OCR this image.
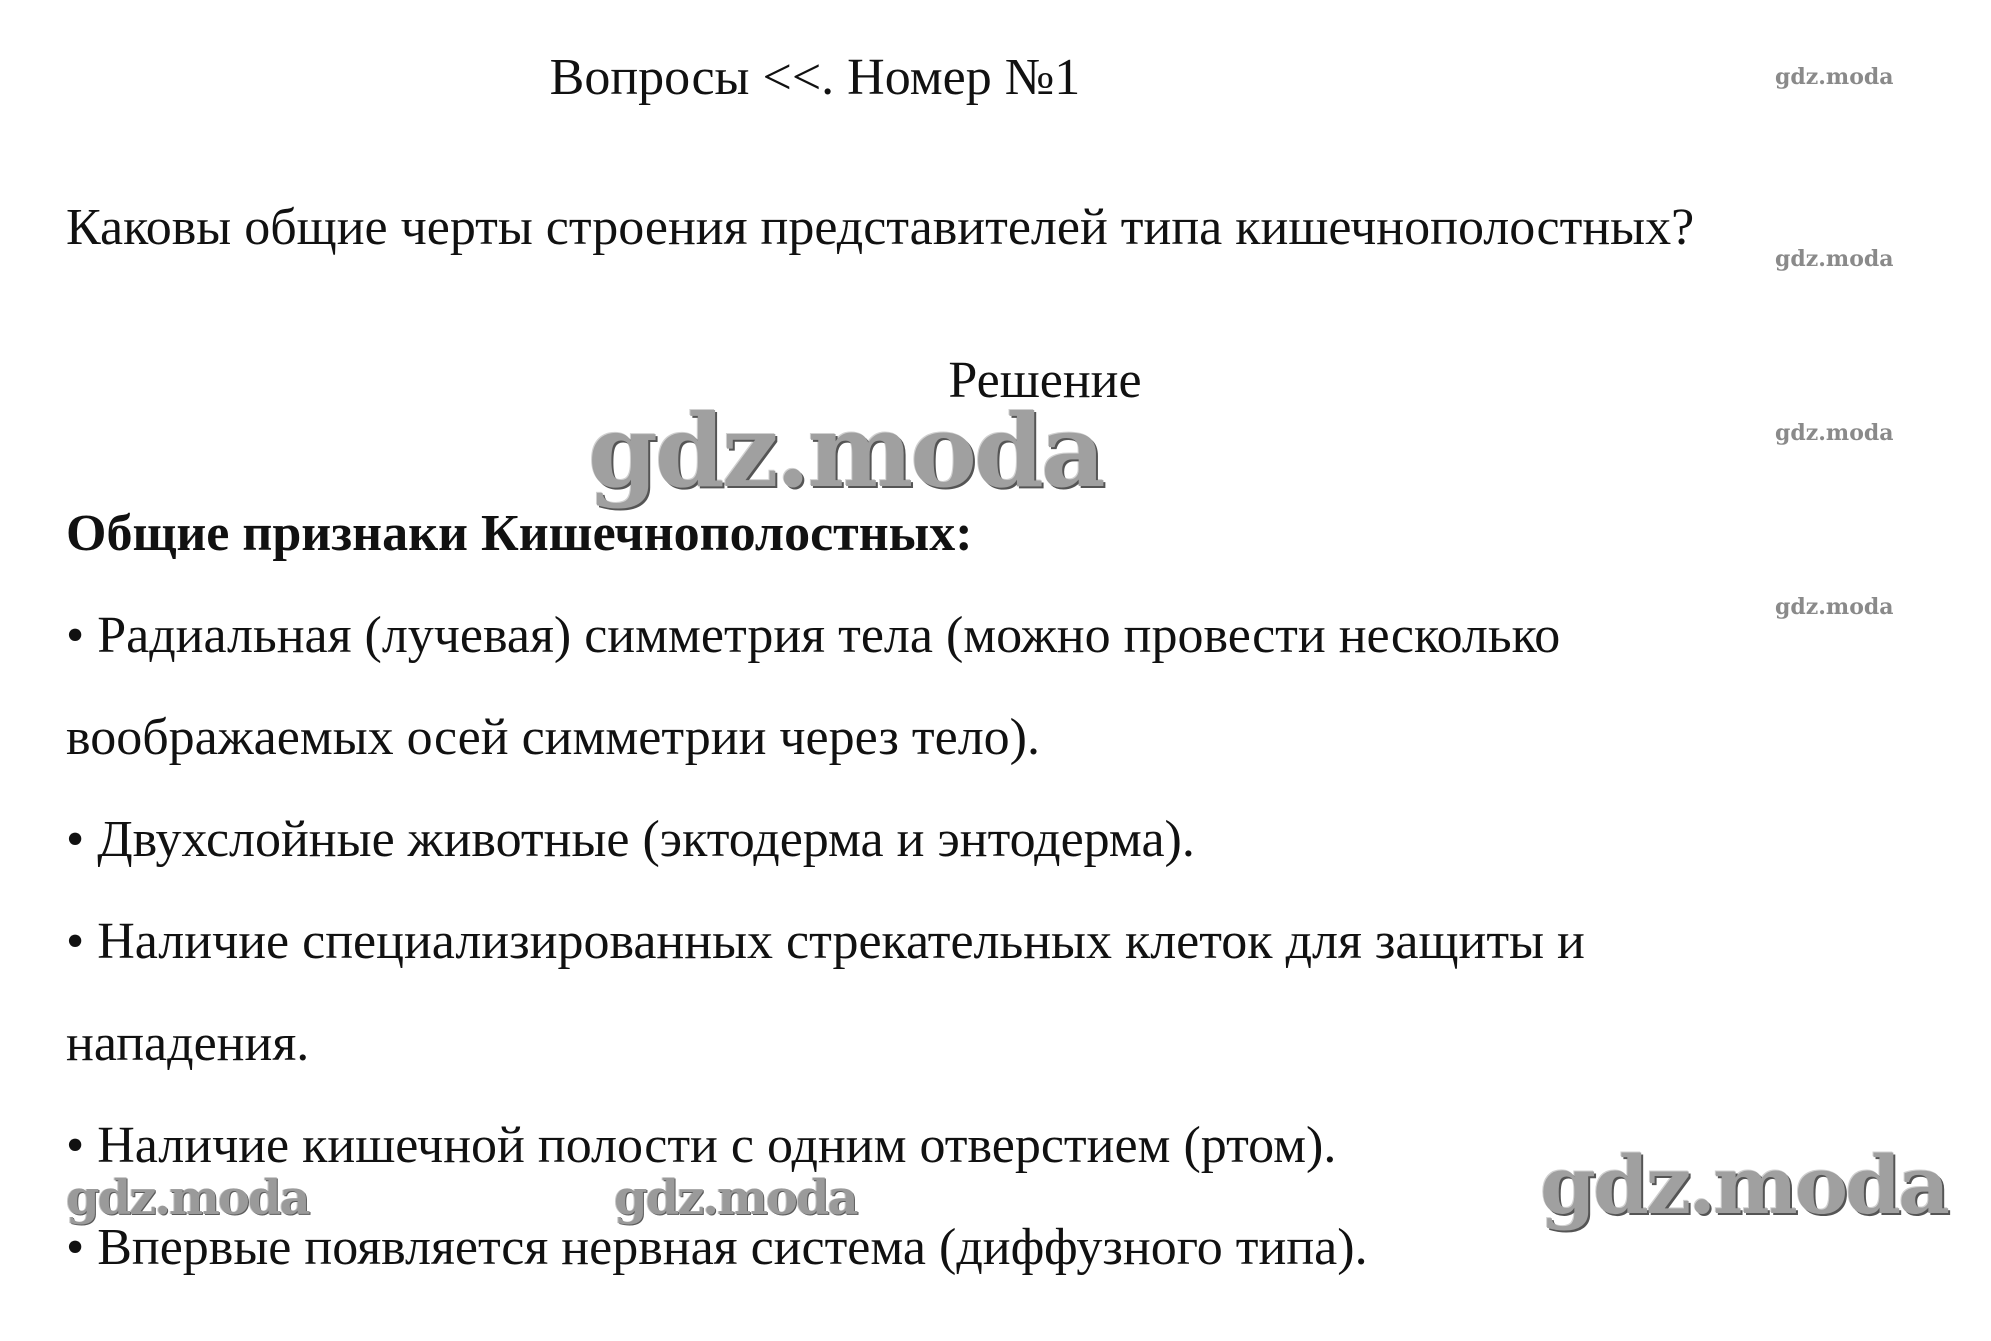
Вопросы <<. Номер №1
Каковы общие черты строения представителей типа кишечнополостных?
Решение
Общие признаки Кишечнополостных:
• Радиальная (лучевая) симметрия тела (можно провести несколько
воображаемых осей симметрии через тело).
• Двухслойные животные (эктодерма и энтодерма).
• Наличие специализированных стрекательных клеток для защиты и
нападения.
• Наличие кишечной полости с одним отверстием (ртом).
• Впервые появляется нервная система (диффузного типа).
gdz.moda
gdz.moda
gdz.moda
gdz.moda
gdz.moda
gdz.moda	gdz.moda	gdz.moda
